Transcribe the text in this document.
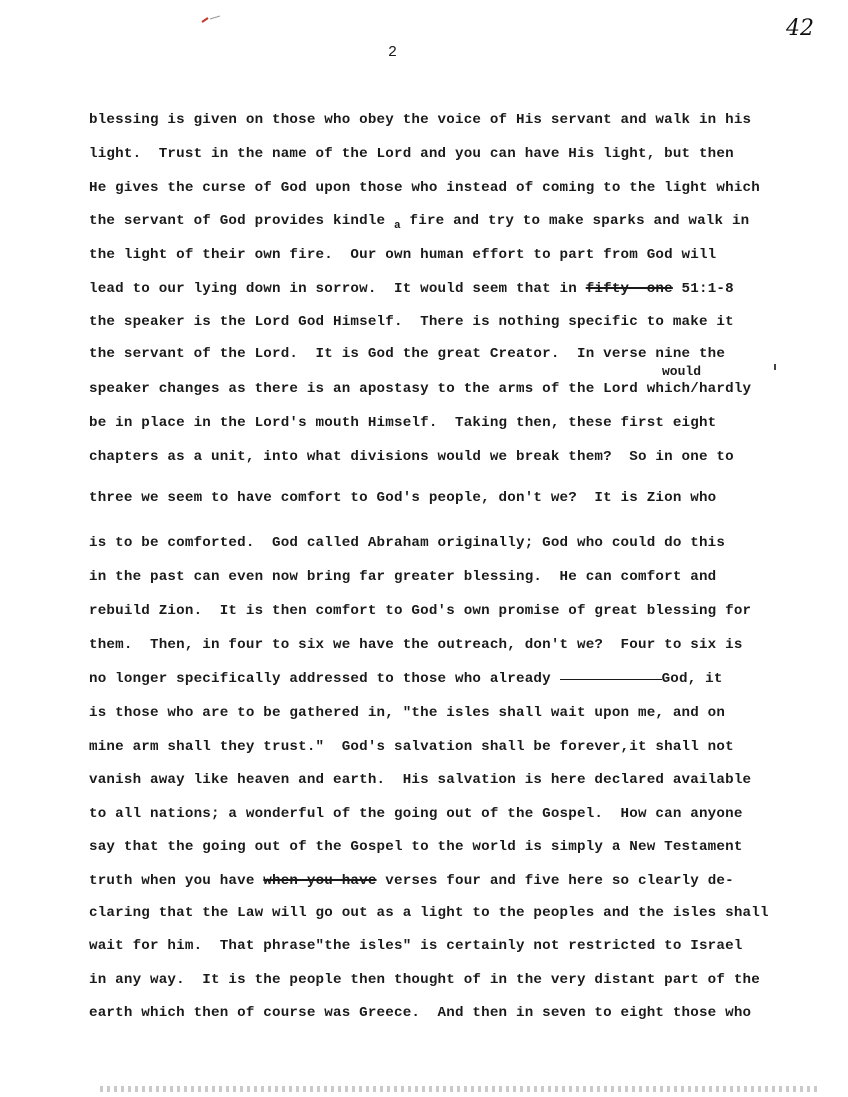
2
42
would
blessing is given on those who obey the voice of His servant and walk in his
light.  Trust in the name of the Lord and you can have His light, but then
He gives the curse of God upon those who instead of coming to the light which
the servant of God provides kindle $_a$ fire and try to make sparks and walk in
the light of their own fire.  Our own human effort to part from God will
lead to our lying down in sorrow.  It would seem that in fifty--one 51:1-8
the speaker is the Lord God Himself.  There is nothing specific to make it
the servant of the Lord.  It is God the great Creator.  In verse nine the
speaker changes as there is an apostasy to the arms of the Lord which/hardly
be in place in the Lord's mouth Himself.  Taking then, these first eight
chapters as a unit, into what divisions would we break them?  So in one to
three we seem to have comfort to God's people, don't we?  It is Zion who
is to be comforted.  God called Abraham originally; God who could do this
in the past can even now bring far greater blessing.  He can comfort and
rebuild Zion.  It is then comfort to God's own promise of great blessing for
them.  Then, in four to six we have the outreach, don't we?  Four to six is
no longer specifically addressed to those who already	God, it
is those who are to be gathered in, "the isles shall wait upon me, and on
mine arm shall they trust."  God's salvation shall be forever,it shall not
vanish away like heaven and earth.  His salvation is here declared available
to all nations; a wonderful of the going out of the Gospel.  How can anyone
say that the going out of the Gospel to the world is simply a New Testament
truth when you have when you have verses four and five here so clearly de-
claring that the Law will go out as a light to the peoples and the isles shall
wait for him.  That phrase"the isles" is certainly not restricted to Israel
in any way.  It is the people then thought of in the very distant part of the
earth which then of course was Greece.  And then in seven to eight those who
